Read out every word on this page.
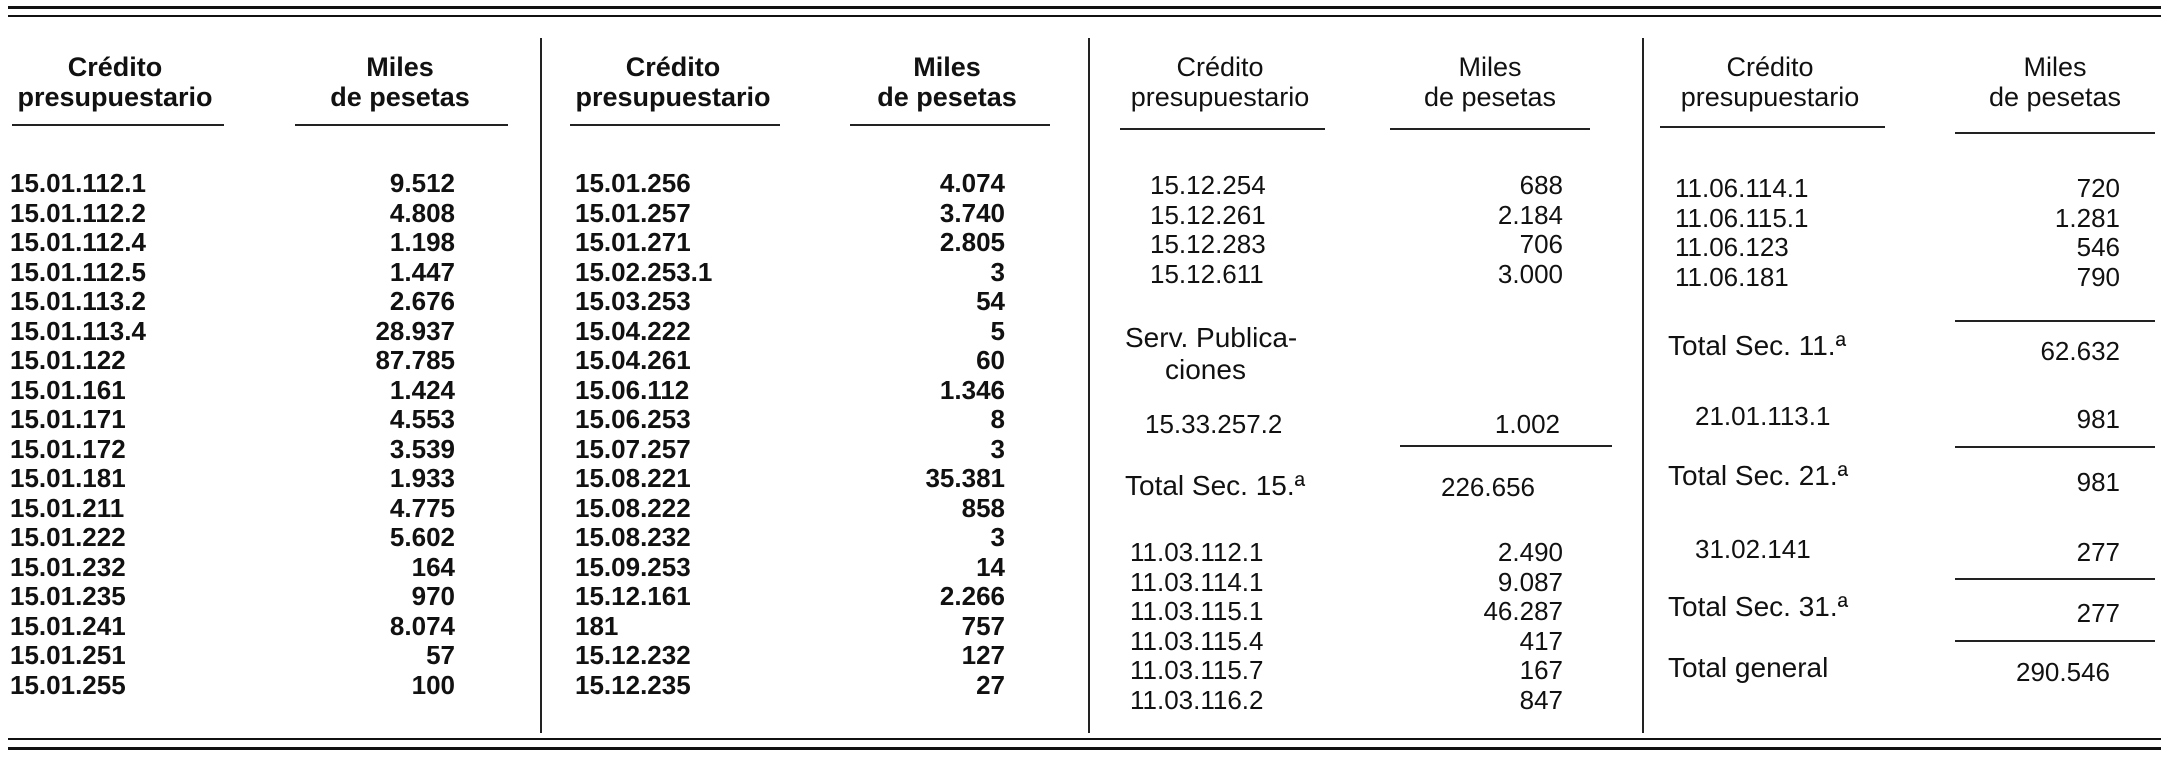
Crédito
presupuestario
Miles
de pesetas
15.01.112.1	9.512
15.01.112.2	4.808
15.01.112.4	1.198
15.01.112.5	1.447
15.01.113.2	2.676
15.01.113.4	28.937
15.01.122	87.785
15.01.161	1.424
15.01.171	4.553
15.01.172	3.539
15.01.181	1.933
15.01.211	4.775
15.01.222	5.602
15.01.232	164
15.01.235	970
15.01.241	8.074
15.01.251	57
15.01.255	100
Crédito
presupuestario
Miles
de pesetas
15.01.256	4.074
15.01.257	3.740
15.01.271	2.805
15.02.253.1	3
15.03.253	54
15.04.222	5
15.04.261	60
15.06.112	1.346
15.06.253	8
15.07.257	3
15.08.221	35.381
15.08.222	858
15.08.232	3
15.09.253	14
15.12.161	2.266
181	757
15.12.232	127
15.12.235	27
Crédito
presupuestario
Miles
de pesetas
15.12.254	688
15.12.261	2.184
15.12.283	706
15.12.611	3.000
Serv. Publica-
ciones
15.33.257.2	1.002
Total Sec. 15.ª	226.656
11.03.112.1	2.490
11.03.114.1	9.087
11.03.115.1	46.287
11.03.115.4	417
11.03.115.7	167
11.03.116.2	847
Crédito
presupuestario
Miles
de pesetas
11.06.114.1	720
11.06.115.1	1.281
11.06.123	546
11.06.181	790
Total Sec. 11.ª	62.632
21.01.113.1	981
Total Sec. 21.ª	981
31.02.141	277
Total Sec. 31.ª	277
Total general	290.546
